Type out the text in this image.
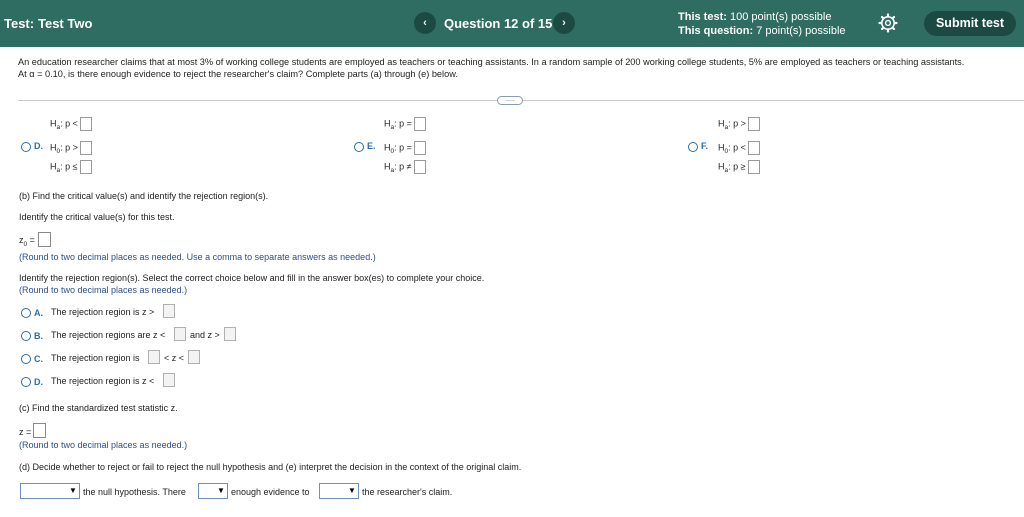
Test: Test Two	‹	Question 12 of 15 ›	This test: 100 point(s) possible
This question: 7 point(s) possible
Submit test
An education researcher claims that at most 3% of working college students are employed as teachers or teaching assistants. In a random sample of 200 working college students, 5% are employed as teachers or teaching assistants.
At α = 0.10, is there enough evidence to reject the researcher's claim? Complete parts (a) through (e) below.
.....
D.
$H_a$: p <
$H_0$: p >
$H_a$: p ≤
E.
$H_a$: p =
$H_0$: p =
$H_a$: p ≠
F.
$H_a$: p >
$H_0$: p <
$H_a$: p ≥
(b) Find the critical value(s) and identify the rejection region(s).
Identify the critical value(s) for this test.
$z_0$ =
(Round to two decimal places as needed. Use a comma to separate answers as needed.)
Identify the rejection region(s). Select the correct choice below and fill in the answer box(es) to complete your choice.
(Round to two decimal places as needed.)
A. The rejection region is z >
B. The rejection regions are z <	and z >
C. The rejection region is	< z <
D. The rejection region is z <
(c) Find the standardized test statistic z.
z =
(Round to two decimal places as needed.)
(d) Decide whether to reject or fail to reject the null hypothesis and (e) interpret the decision in the context of the original claim.
▼ the null hypothesis. There	▼ enough evidence to	▼ the researcher's claim.
